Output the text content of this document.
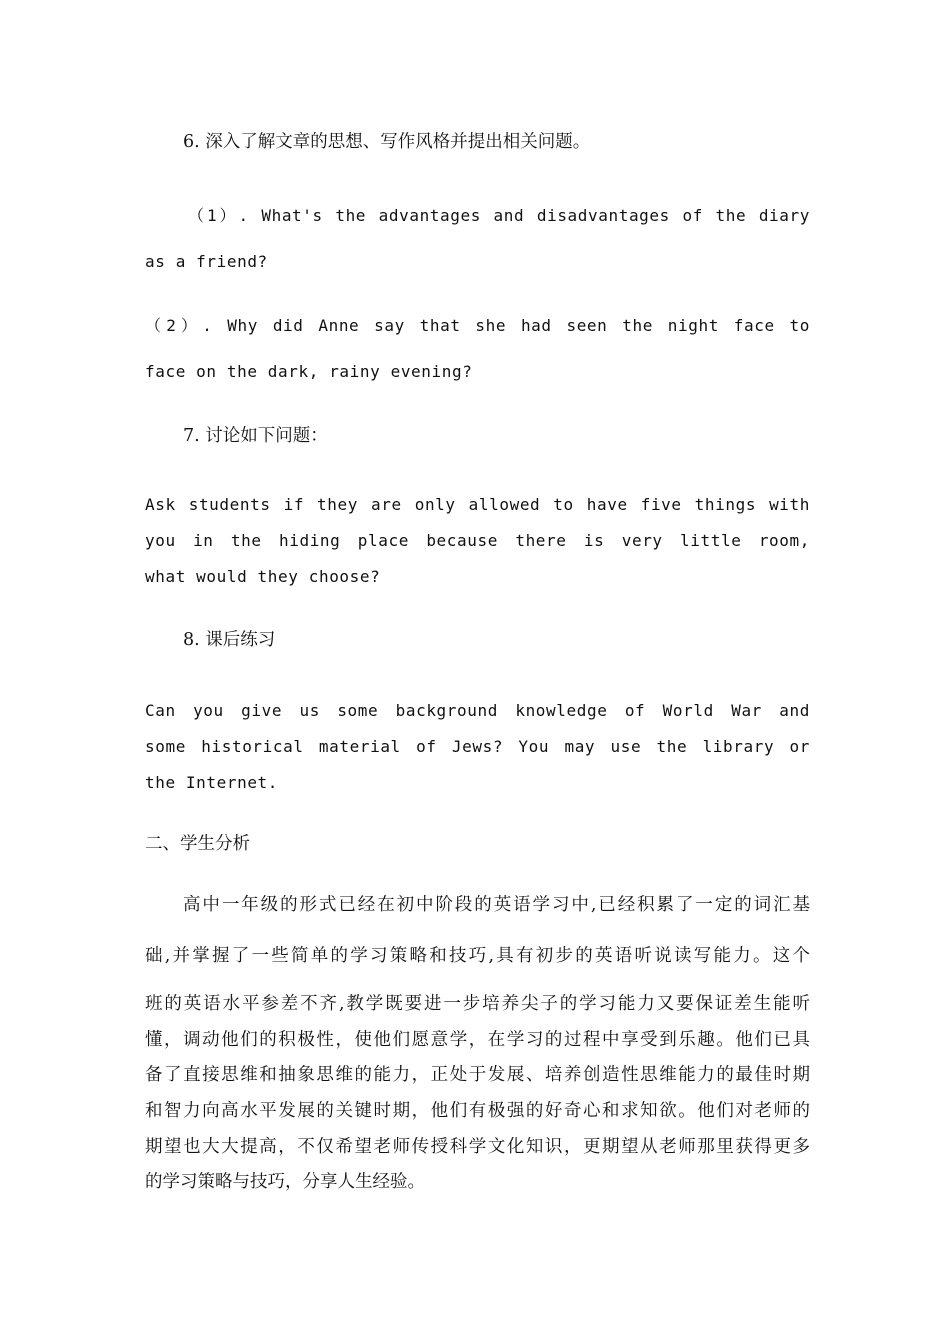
6. 深入了解文章的思想、写作风格并提出相关问题。

（1）. What's the advantages and disadvantages of the diary

as a friend?

（2）. Why did Anne say that she had seen the night face to

face on the dark, rainy evening?

7. 讨论如下问题：

Ask students if they are only allowed to have five things with

you in the hiding place because there is very little room,

what would they choose?

8. 课后练习

Can you give us some background knowledge of World War and

some historical material of Jews? You may use the library or

the Internet.

二、学生分析

高中一年级的形式已经在初中阶段的英语学习中,已经积累了一定的词汇基

础,并掌握了一些简单的学习策略和技巧,具有初步的英语听说读写能力。这个

班的英语水平参差不齐,教学既要进一步培养尖子的学习能力又要保证差生能听

懂，调动他们的积极性，使他们愿意学，在学习的过程中享受到乐趣。他们已具

备了直接思维和抽象思维的能力，正处于发展、培养创造性思维能力的最佳时期

和智力向高水平发展的关键时期，他们有极强的好奇心和求知欲。他们对老师的

期望也大大提高，不仅希望老师传授科学文化知识，更期望从老师那里获得更多

的学习策略与技巧，分享人生经验。
